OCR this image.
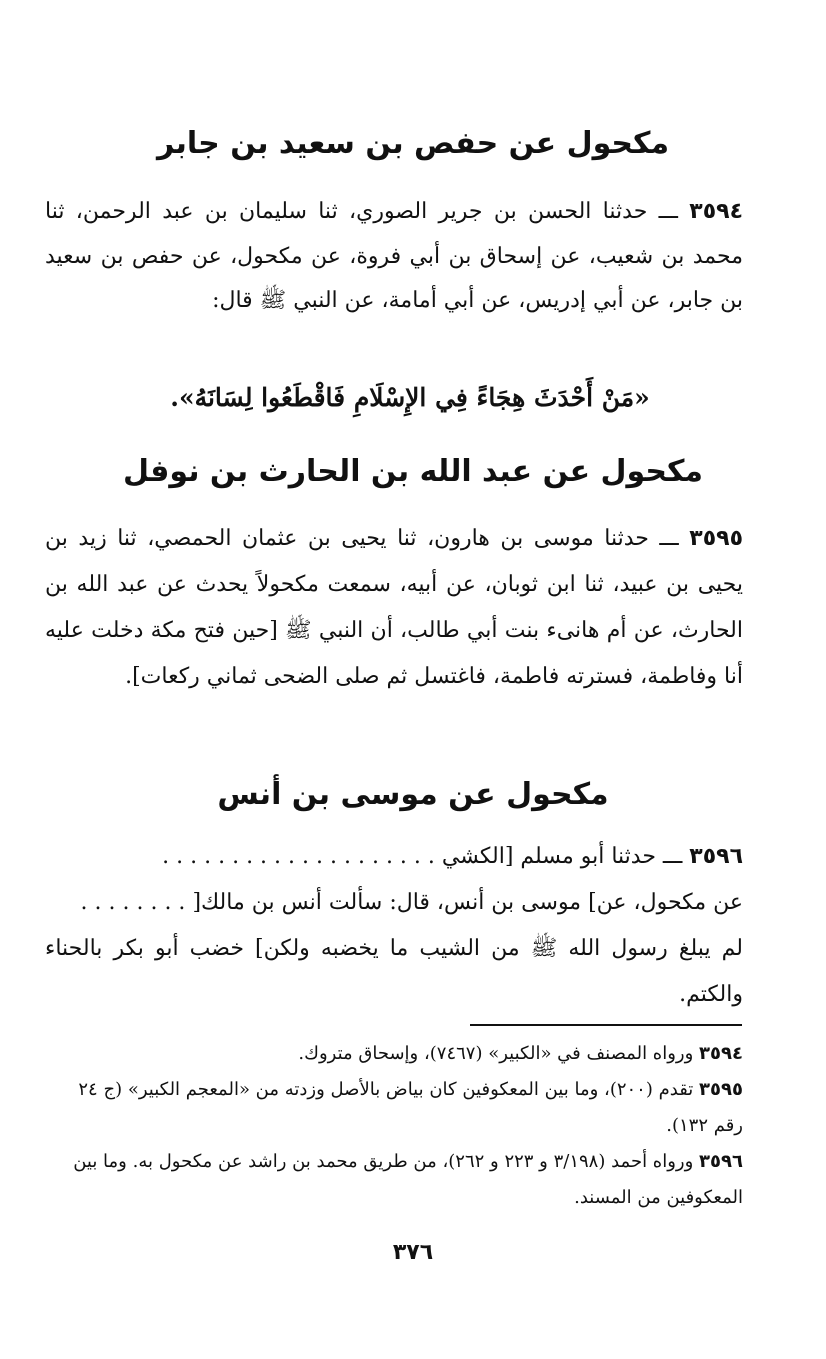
مكحول عن حفص بن سعيد بن جابر

٣٥٩٤ ـــ حدثنا الحسن بن جرير الصوري، ثنا سليمان بن عبد الرحمن، ثنا محمد بن شعيب، عن إسحاق بن أبي فروة، عن مكحول، عن حفص بن سعيد بن جابر، عن أبي إدريس، عن أبي أمامة، عن النبي ﷺ قال:

«مَنْ أَحْدَثَ هِجَاءً فِي الإِسْلَامِ فَاقْطَعُوا لِسَانَهُ».

مكحول عن عبد الله بن الحارث بن نوفل

٣٥٩٥ ـــ حدثنا موسى بن هارون، ثنا يحيى بن عثمان الحمصي، ثنا زيد بن يحيى بن عبيد، ثنا ابن ثوبان، عن أبيه، سمعت مكحولاً يحدث عن عبد الله بن الحارث، عن أم هانىء بنت أبي طالب، أن النبي ﷺ [حين فتح مكة دخلت عليه أنا وفاطمة، فسترته فاطمة، فاغتسل ثم صلى الضحى ثماني ركعات].

مكحول عن موسى بن أنس

٣٥٩٦ ـــ حدثنا أبو مسلم [الكشي . . . . . . . . . . . . . . . . . . . .

عن مكحول، عن] موسى بن أنس، قال: سألت أنس بن مالك[ . . . . . . . .

لم يبلغ رسول الله ﷺ من الشيب ما يخضبه ولكن] خضب أبو بكر بالحناء والكتم.

٣٥٩٤ ورواه المصنف في «الكبير» (٧٤٦٧)، وإسحاق متروك.

٣٥٩٥ تقدم (٢٠٠)، وما بين المعكوفين كان بياض بالأصل وزدته من «المعجم الكبير» (ج ٢٤ رقم ١٣٢).

٣٥٩٦ ورواه أحمد (٣/١٩٨ و ٢٢٣ و ٢٦٢)، من طريق محمد بن راشد عن مكحول به. وما بين المعكوفين من المسند.

٣٧٦
